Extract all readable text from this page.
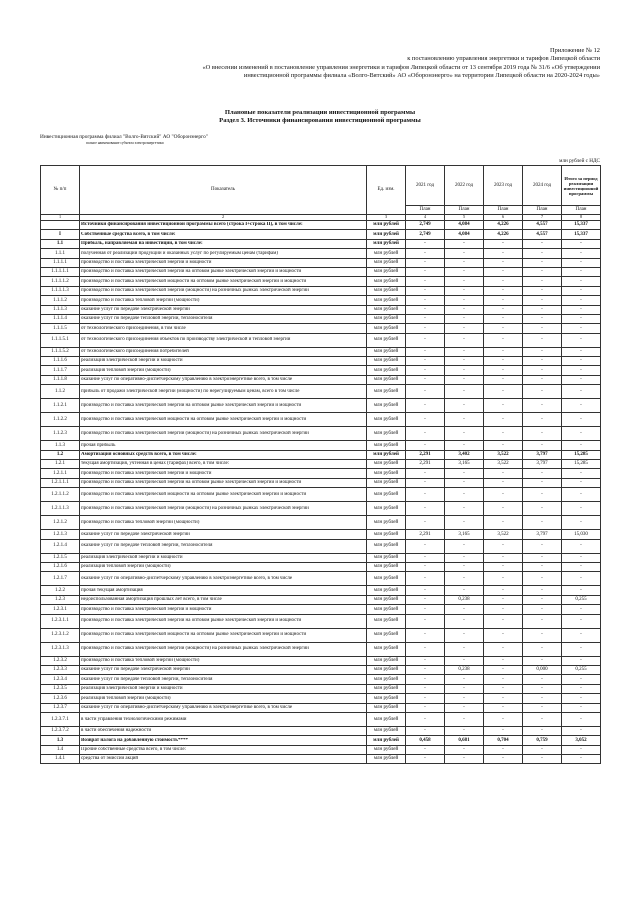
Приложение № 12
к постановлению управления энергетики и тарифов Липецкой области
«О внесении изменений в постановление управления энергетики и тарифов Липецкой области от 13 сентября 2019 года № 31/6 «Об утверждении
инвестиционной программы филиала «Волго-Вятский» АО «Оборонэнерго» на территории Липецкой области на 2020-2024 годы»
Плановые показатели реализации инвестиционной программы
Раздел 3. Источники финансирования инвестиционной программы
Инвестиционная программа филиал "Волго-Вятский" АО "Оборонэнерго"
полное наименование субъекта электроэнергетики
млн рублей с НДС
№ п/п	Показатель	Ед. изм.	2021 год	2022 год	2023 год	2024 год	Итого за период реализации инвестиционной программы
			План	План	План	План	План
1	2	3	4	5	6	7	8

	Источники финансирования инвестиционной программы всего (строка I+строка II), в том числе:	млн рублей	2,749	4,084	4,226	4,557	15,337
I	Собственные средства всего, в том числе:	млн рублей	2,749	4,084	4,226	4,557	15,337
1.1	Прибыль, направляемая на инвестиции, в том числе:	млн рублей	-	-	-	-	-
1.1.1	полученная от реализации продукции и оказанных услуг по регулируемым ценам (тарифам)	млн рублей	-	-	-	-	-
1.1.1.1	производство и поставка электрической энергии и мощности	млн рублей	-	-	-	-	-
1.1.1.1.1	производство и поставка электрической энергии на оптовом рынке электрической энергии и мощности	млн рублей	-	-	-	-	-
1.1.1.1.2	производство и поставка электрической мощности на оптовом рынке электрической энергии и мощности	млн рублей	-	-	-	-	-
1.1.1.1.3	производство и поставка электрической энергии (мощности) на розничных рынках электрической энергии	млн рублей	-	-	-	-	-
1.1.1.2	производство и поставка тепловой энергии (мощности)	млн рублей	-	-	-	-	-
1.1.1.3	оказание услуг по передаче электрической энергии	млн рублей	-	-	-	-	-
1.1.1.4	оказание услуг по передаче тепловой энергии, теплоносителя	млн рублей	-	-	-	-	-
1.1.1.5	от технологического присоединения, в том числе	млн рублей	-	-	-	-	-
1.1.1.5.1	от технологического присоединения объектов по производству электрической и тепловой энергии	млн рублей	-	-	-	-	-
1.1.1.5.2	от технологического присоединения потребителей	млн рублей	-	-	-	-	-
1.1.1.6	реализация электрической энергии и мощности	млн рублей	-	-	-	-	-
1.1.1.7	реализация тепловой энергии (мощности)	млн рублей	-	-	-	-	-
1.1.1.8	оказание услуг по оперативно-диспетчерскому управлению в электроэнергетике всего, в том числе	млн рублей	-	-	-	-	-
1.1.2	прибыль от продажи электрической энергии (мощности) по нерегулируемым ценам, всего в том числе	млн рублей	-	-	-	-	-
1.1.2.1	производство и поставка электрической энергии на оптовом рынке электрической энергии и мощности	млн рублей	-	-	-	-	-
1.1.2.2	производство и поставка электрической мощности на оптовом рынке электрической энергии и мощности	млн рублей	-	-	-	-	-
1.1.2.3	производство и поставка электрической энергии (мощности) на розничных рынках электрической энергии	млн рублей	-	-	-	-	-
1.1.3	прочая прибыль	млн рублей	-	-	-	-	-
1.2	Амортизация основных средств всего, в том числе:	млн рублей	2,291	3,402	3,522	3,797	15,285
1.2.1	текущая амортизация, учтенная в ценах (тарифах) всего, в том числе:	млн рублей	2,291	3,165	3,522	3,797	15,285
1.2.1.1	производство и поставка электрической энергии и мощности	млн рублей	-	-	-	-	-
1.2.1.1.1	производство и поставка электрической энергии на оптовом рынке электрической энергии и мощности	млн рублей	-	-	-	-	-
1.2.1.1.2	производство и поставка электрической мощности на оптовом рынке электрической энергии и мощности	млн рублей	-	-	-	-	-
1.2.1.1.3	производство и поставка электрической энергии (мощности) на розничных рынках электрической энергии	млн рублей	-	-	-	-	-
1.2.1.2	производство и поставка тепловой энергии (мощности)	млн рублей	-	-	-	-	-
1.2.1.3	оказание услуг по передаче электрической энергии	млн рублей	2,291	3,165	3,522	3,797	15,030
1.2.1.4	оказание услуг по передаче тепловой энергии, теплоносителя	млн рублей	-	-	-	-	-
1.2.1.5	реализация электрической энергии и мощности	млн рублей	-	-	-	-	-
1.2.1.6	реализация тепловой энергии (мощности)	млн рублей	-	-	-	-	-
1.2.1.7	оказание услуг по оперативно-диспетчерскому управлению в электроэнергетике всего, в том числе	млн рублей	-	-	-	-	-
1.2.2	прочая текущая амортизация	млн рублей	-	-	-	-	-
1.2.3	недоиспользованная амортизация прошлых лет всего, в том числе	млн рублей	-	0,238	-	-	0,255
1.2.3.1	производство и поставка электрической энергии и мощности	млн рублей	-	-	-	-	-
1.2.3.1.1	производство и поставка электрической энергии на оптовом рынке электрической энергии и мощности	млн рублей	-	-	-	-	-
1.2.3.1.2	производство и поставка электрической мощности на оптовом рынке электрической энергии и мощности	млн рублей	-	-	-	-	-
1.2.3.1.3	производство и поставка электрической энергии (мощности) на розничных рынках электрической энергии	млн рублей	-	-	-	-	-
1.2.3.2	производство и поставка тепловой энергии (мощности)	млн рублей	-	-	-	-	-
1.2.3.3	оказание услуг по передаче электрической энергии	млн рублей	-	0,238	-	0,000	0,255
1.2.3.4	оказание услуг по передаче тепловой энергии, теплоносителя	млн рублей	-	-	-	-	-
1.2.3.5	реализация электрической энергии и мощности	млн рублей	-	-	-	-	-
1.2.3.6	реализация тепловой энергии (мощности)	млн рублей	-	-	-	-	-
1.2.3.7	оказание услуг по оперативно-диспетчерскому управлению в электроэнергетике всего, в том числе	млн рублей	-	-	-	-	-
1.2.3.7.1	в части управления технологическими режимами	млн рублей	-	-	-	-	-
1.2.3.7.2	в части обеспечения надежности	млн рублей	-	-	-	-	-
1.3	Возврат налога на добавленную стоимость****	млн рублей	0,458	0,681	0,704	0,759	3,052
1.4	Прочие собственные средства всего, в том числе:	млн рублей	-	-	-	-	-
1.4.1	средства от эмиссии акций	млн рублей	-	-	-	-	-
